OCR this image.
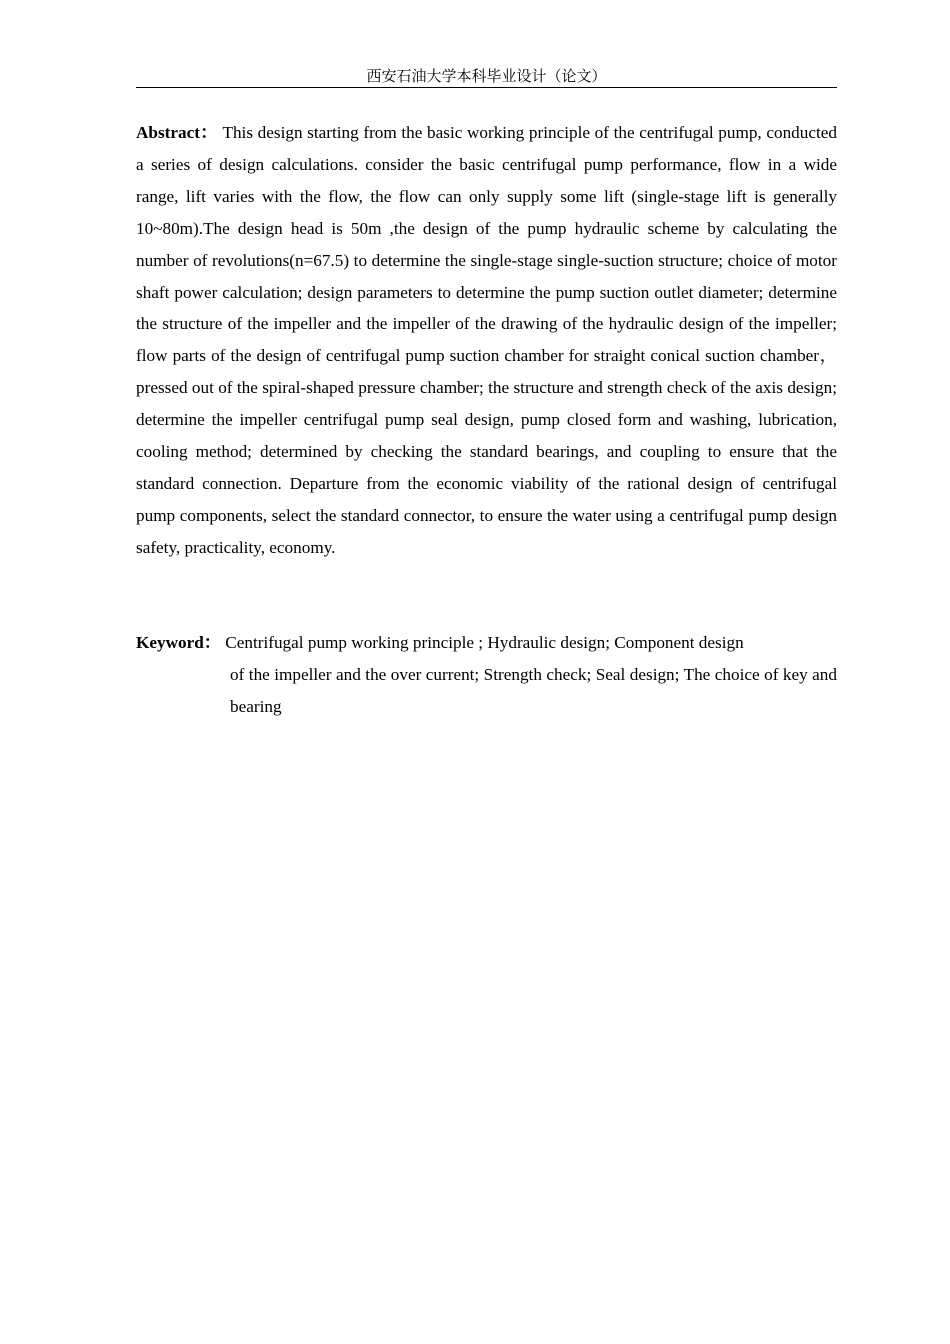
西安石油大学本科毕业设计（论文）
Abstract： This design starting from the basic working principle of the centrifugal pump, conducted a series of design calculations. consider the basic centrifugal pump performance, flow in a wide range, lift varies with the flow, the flow can only supply some lift (single-stage lift is generally 10~80m).The design head is 50m ,the design of the pump hydraulic scheme by calculating the number of revolutions(n=67.5) to determine the single-stage single-suction structure; choice of motor shaft power calculation; design parameters to determine the pump suction outlet diameter; determine the structure of the impeller and the impeller of the drawing of the hydraulic design of the impeller; flow parts of the design of centrifugal pump suction chamber for straight conical suction chamber，pressed out of the spiral-shaped pressure chamber; the structure and strength check of the axis design; determine the impeller centrifugal pump seal design, pump closed form and washing, lubrication, cooling method; determined by checking the standard bearings, and coupling to ensure that the standard connection. Departure from the economic viability of the rational design of centrifugal pump components, select the standard connector, to ensure the water using a centrifugal pump design safety, practicality, economy.
Keyword： Centrifugal pump working principle ; Hydraulic design; Component design
of the impeller and the over current; Strength check; Seal design; The choice of key and bearing
